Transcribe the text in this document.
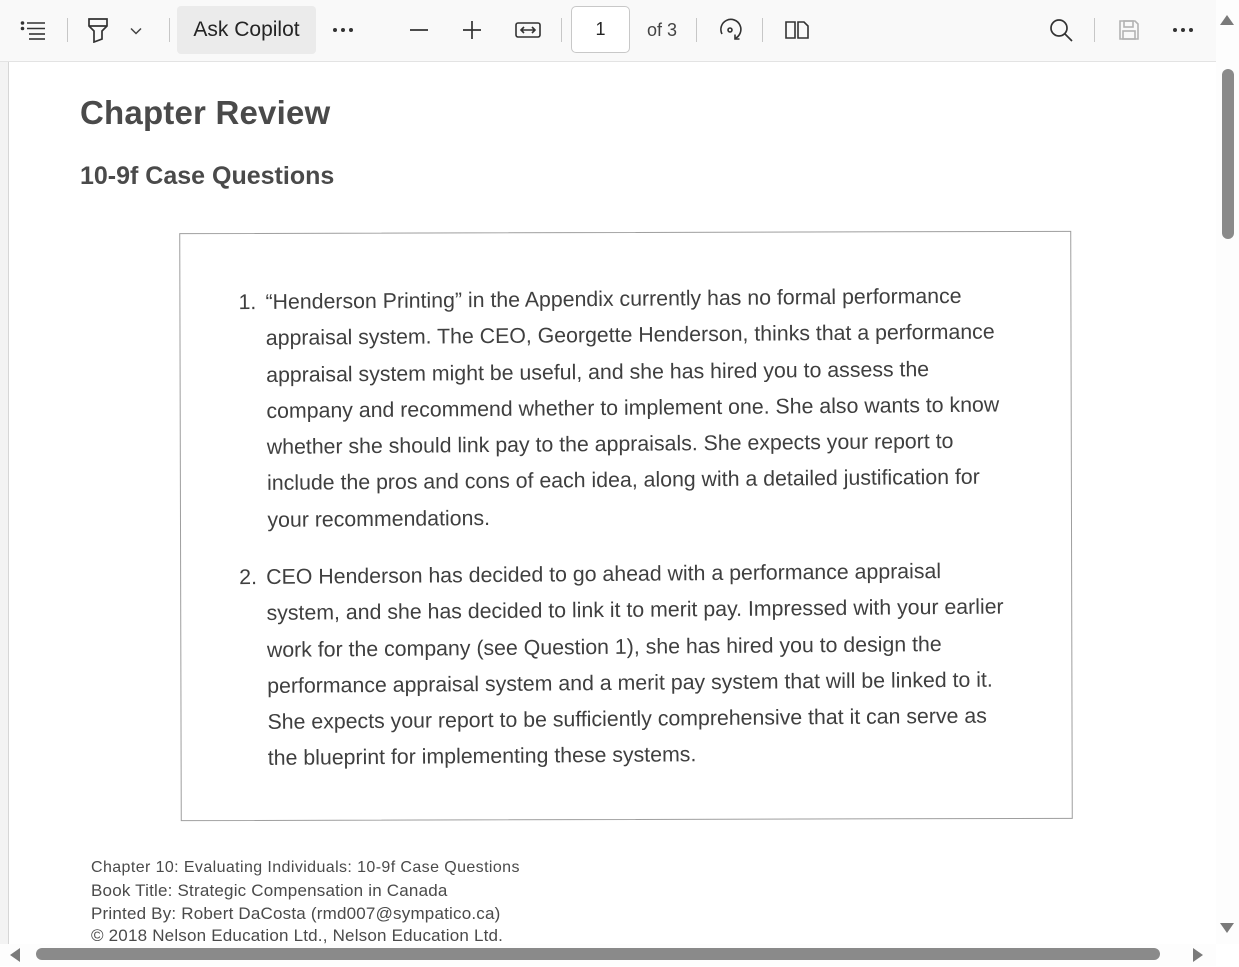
Ask Copilot	1	of 3
Chapter Review
10-9f Case Questions
1. “Henderson Printing” in the Appendix currently has no formal performance
appraisal system. The CEO, Georgette Henderson, thinks that a performance
appraisal system might be useful, and she has hired you to assess the
company and recommend whether to implement one. She also wants to know
whether she should link pay to the appraisals. She expects your report to
include the pros and cons of each idea, along with a detailed justification for
your recommendations.
2. CEO Henderson has decided to go ahead with a performance appraisal
system, and she has decided to link it to merit pay. Impressed with your earlier
work for the company (see Question 1), she has hired you to design the
performance appraisal system and a merit pay system that will be linked to it.
She expects your report to be sufficiently comprehensive that it can serve as
the blueprint for implementing these systems.
Chapter 10: Evaluating Individuals: 10-9f Case Questions
Book Title: Strategic Compensation in Canada
Printed By: Robert DaCosta (rmd007@sympatico.ca)
© 2018 Nelson Education Ltd., Nelson Education Ltd.
